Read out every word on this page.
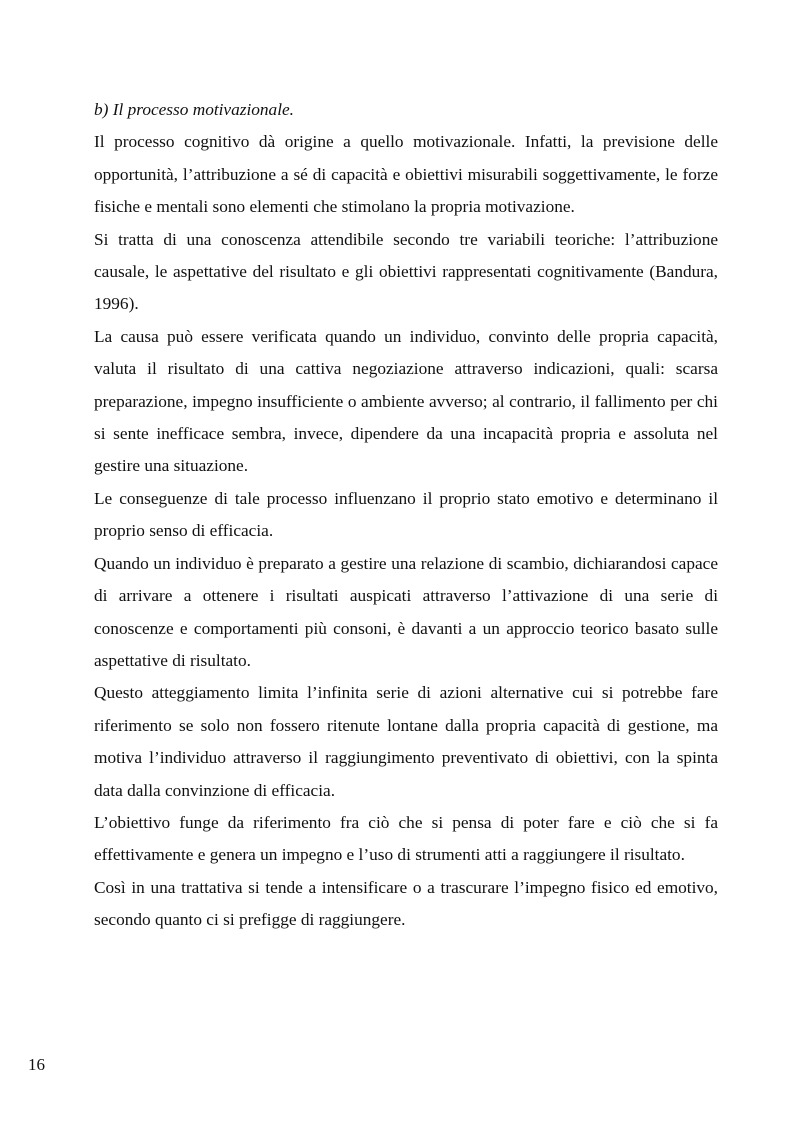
b) Il processo motivazionale.

Il processo cognitivo dà origine a quello motivazionale. Infatti, la previsione delle opportunità, l’attribuzione a sé di capacità e obiettivi misurabili soggettivamente, le forze fisiche e mentali sono elementi che stimolano la propria motivazione.

Si tratta di una conoscenza attendibile secondo tre variabili teoriche: l’attribuzione causale, le aspettative del risultato e gli obiettivi rappresentati cognitivamente (Bandura, 1996).

La causa può essere verificata quando un individuo, convinto delle propria capacità, valuta il risultato di una cattiva negoziazione attraverso indicazioni, quali: scarsa preparazione, impegno insufficiente o ambiente avverso; al contrario, il fallimento per chi si sente inefficace sembra, invece, dipendere da una incapacità propria e assoluta nel gestire una situazione.

Le conseguenze di tale processo influenzano il proprio stato emotivo e determinano il proprio senso di efficacia.

Quando un individuo è preparato a gestire una relazione di scambio, dichiarandosi capace di arrivare a ottenere i risultati auspicati attraverso l’attivazione di una serie di conoscenze e comportamenti più consoni, è davanti a un approccio teorico basato sulle aspettative di risultato.

Questo atteggiamento limita l’infinita serie di azioni alternative cui si potrebbe fare riferimento se solo non fossero ritenute lontane dalla propria capacità di gestione, ma motiva l’individuo attraverso il raggiungimento preventivato di obiettivi, con la spinta data dalla convinzione di efficacia.

L’obiettivo funge da riferimento fra ciò che si pensa di poter fare e ciò che si fa effettivamente e genera un impegno e l’uso di strumenti atti a raggiungere il risultato.

Così in una trattativa si tende a intensificare o a trascurare l’impegno fisico ed emotivo, secondo quanto ci si prefigge di raggiungere.

16
